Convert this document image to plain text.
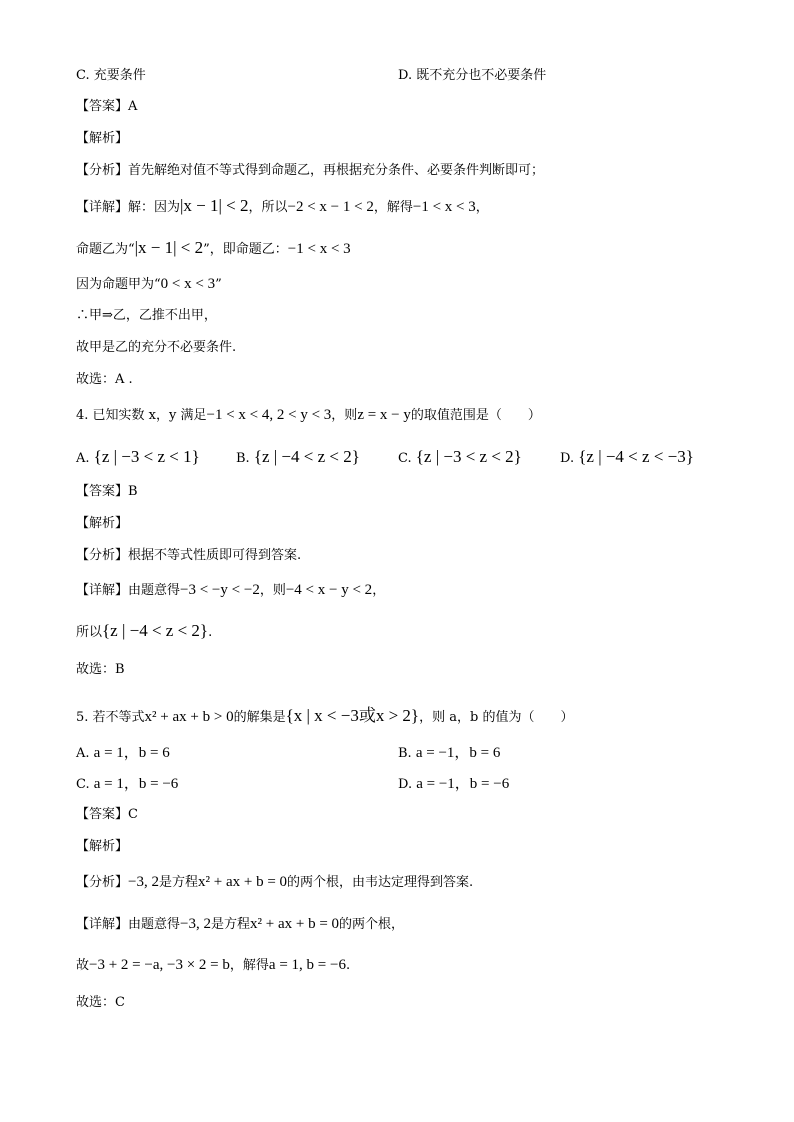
C. 充要条件	D. 既不充分也不必要条件
【答案】A
【解析】
【分析】首先解绝对值不等式得到命题乙，再根据充分条件、必要条件判断即可；
【详解】解：因为|x − 1| < 2，所以−2 < x − 1 < 2，解得−1 < x < 3，
命题乙为“|x − 1| < 2”，即命题乙：−1 < x < 3
因为命题甲为“0 < x < 3”
∴甲⇒乙，乙推不出甲，
故甲是乙的充分不必要条件.
故选：A .
4. 已知实数 x，y 满足−1 < x < 4, 2 < y < 3，则z = x − y的取值范围是（　　）
A. {z | −3 < z < 1}	B. {z | −4 < z < 2}	C. {z | −3 < z < 2}	D. {z | −4 < z < −3}
【答案】B
【解析】
【分析】根据不等式性质即可得到答案.
【详解】由题意得−3 < −y < −2，则−4 < x − y < 2，
所以{z | −4 < z < 2}.
故选：B
5. 若不等式x² + ax + b > 0的解集是{x | x < −3或x > 2}，则 a，b 的值为（　　）
A. a = 1，b = 6	B. a = −1，b = 6
C. a = 1，b = −6	D. a = −1，b = −6
【答案】C
【解析】
【分析】−3, 2是方程x² + ax + b = 0的两个根，由韦达定理得到答案.
【详解】由题意得−3, 2是方程x² + ax + b = 0的两个根，
故−3 + 2 = −a, −3 × 2 = b，解得a = 1, b = −6.
故选：C
